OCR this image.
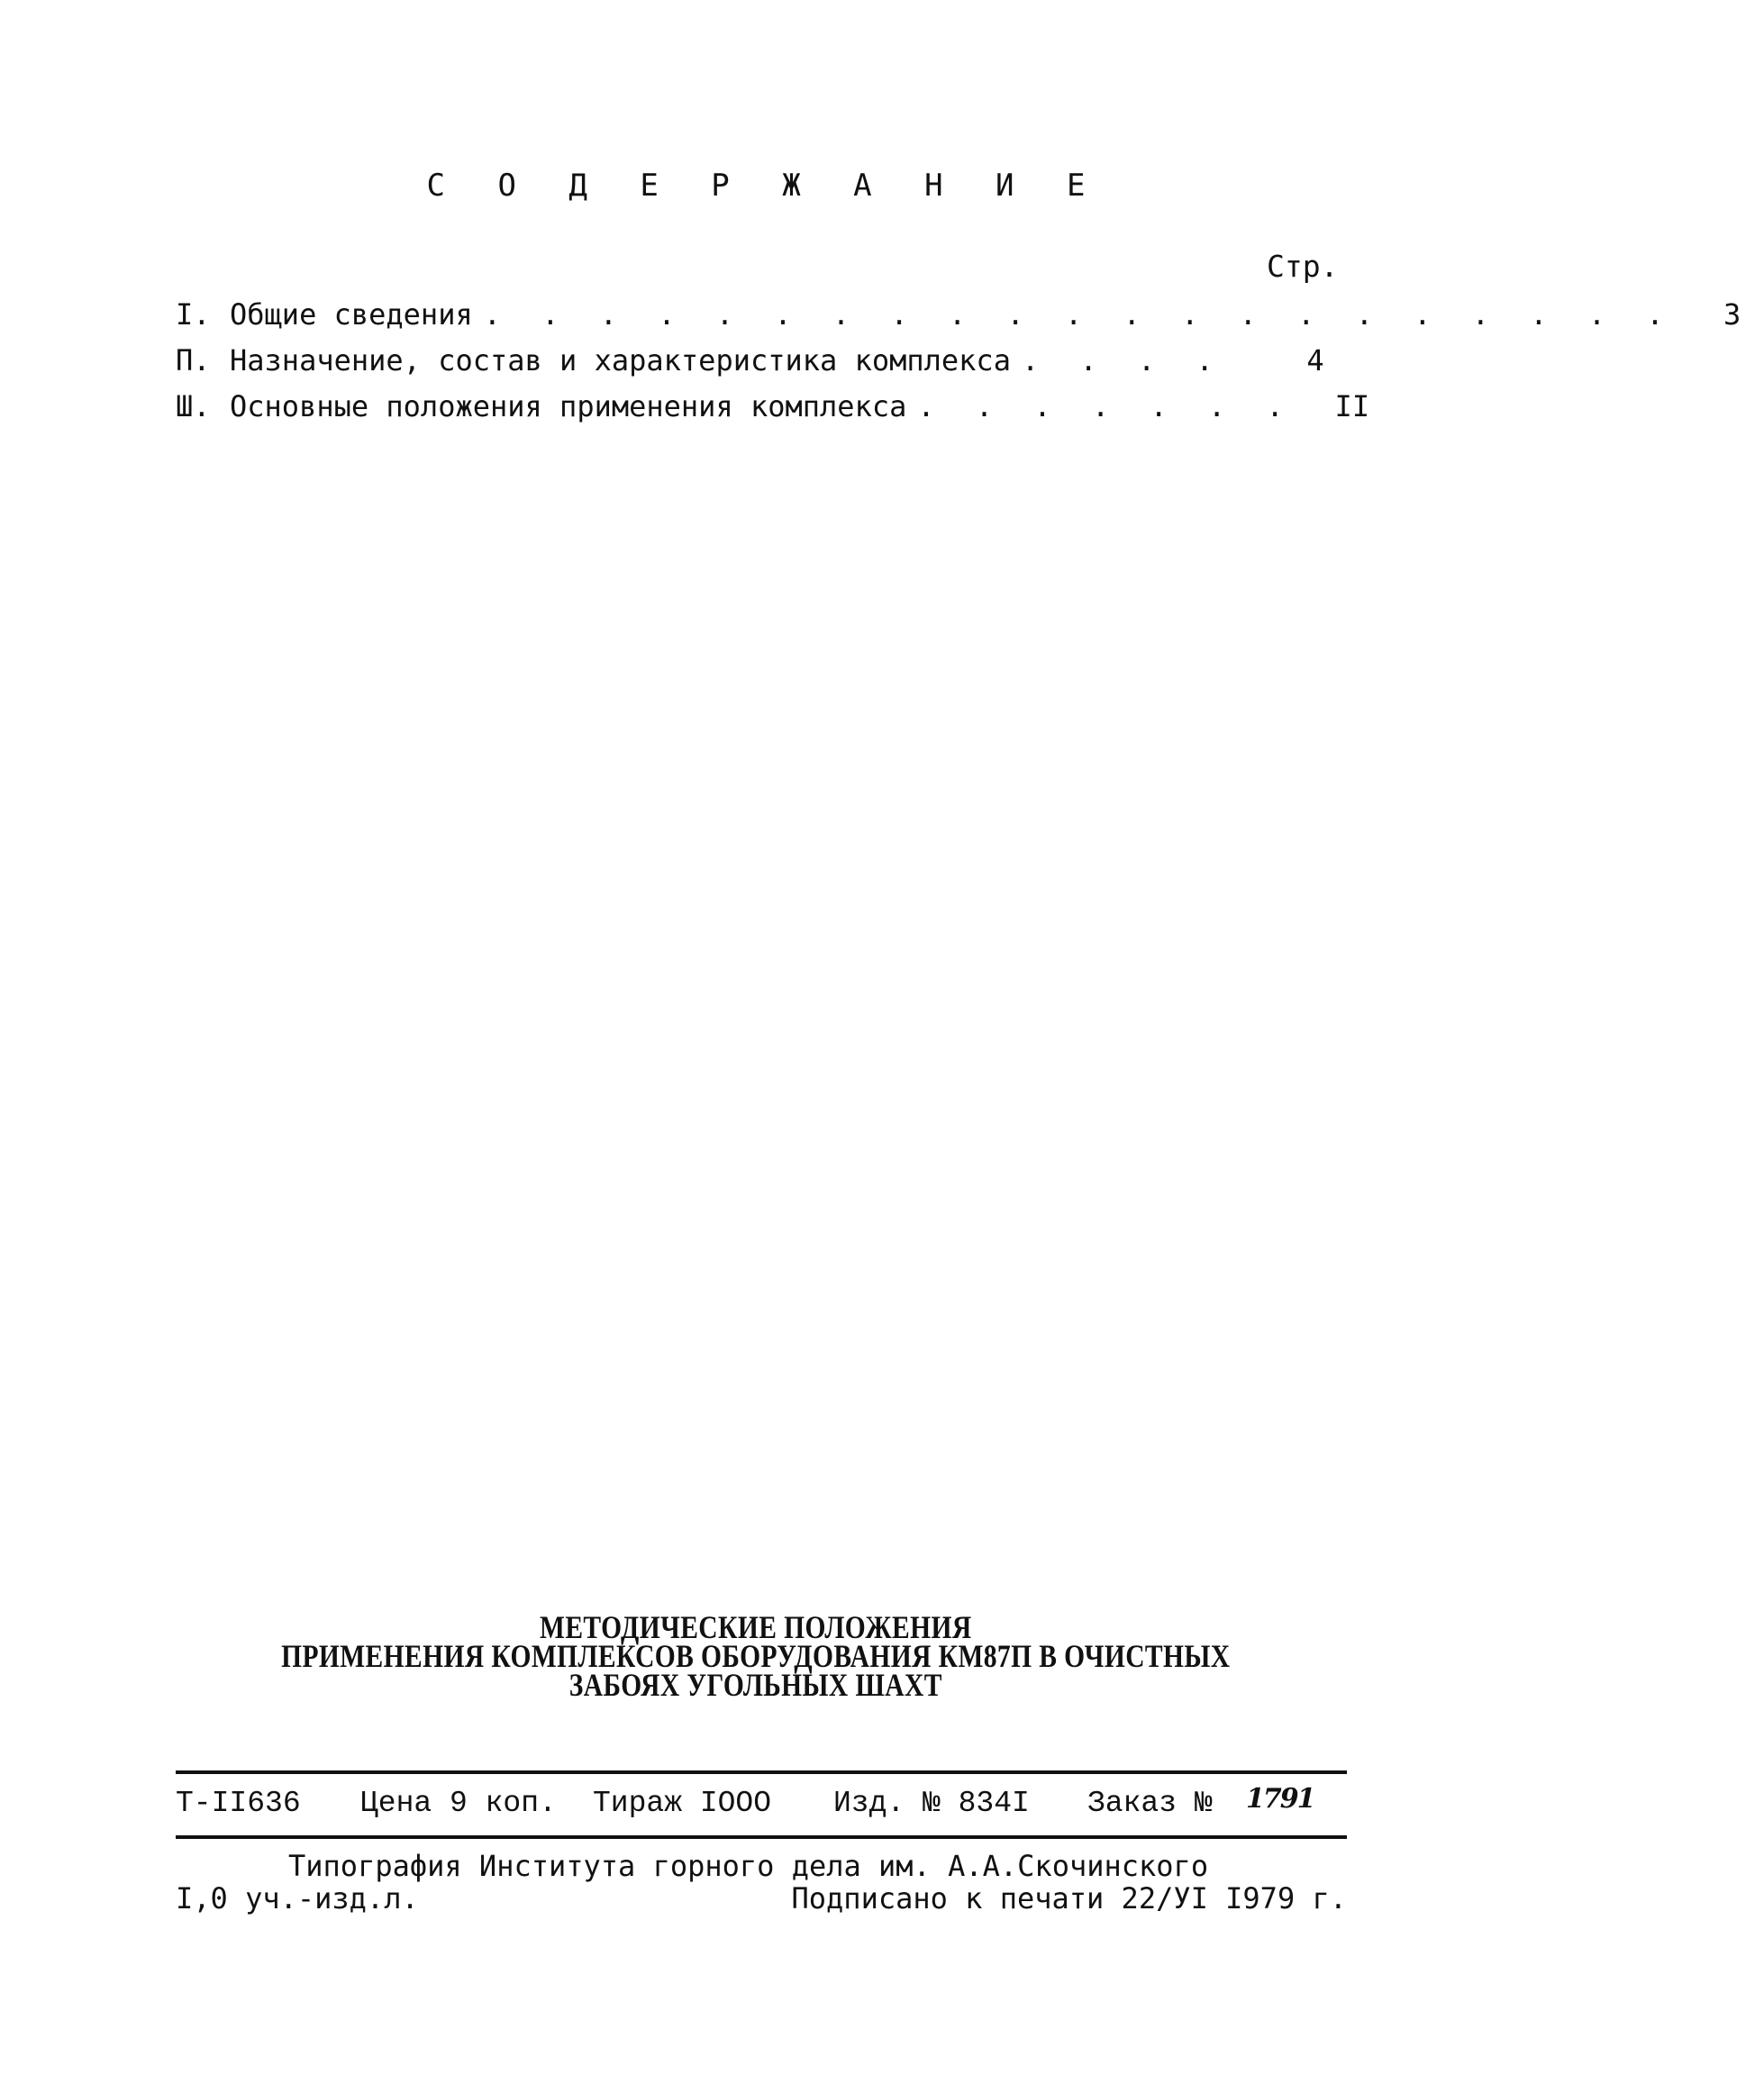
С О Д Е Р Ж А Н И Е
Стр.
I. Общие сведения . . . . . . . . . . . . . . . . . . . . .	3
П. Назначение, состав и характеристика комплекса . . . .	4
Ш. Основные положения применения комплекса . . . . . . .	II
МЕТОДИЧЕСКИЕ ПОЛОЖЕНИЯ
ПРИМЕНЕНИЯ КОМПЛЕКСОВ ОБОРУДОВАНИЯ КМ87П В ОЧИСТНЫХ
ЗАБОЯХ УГОЛЬНЫХ ШАХТ
Т-II636 Цена 9 коп. Тираж IOOO Изд. № 834I Заказ № 1791
Типография Института горного дела им. А.А.Скочинского
I,0 уч.-изд.л.	Подписано к печати 22/УI I979 г.
